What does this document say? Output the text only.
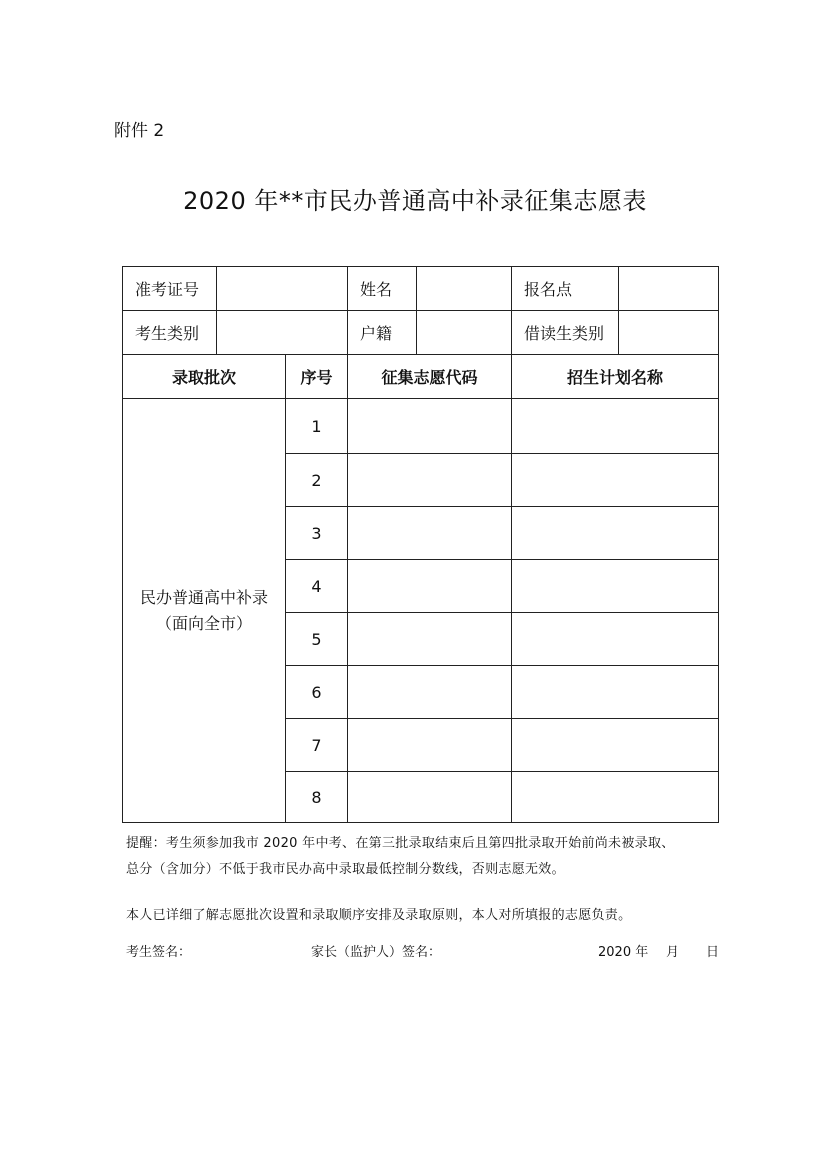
附件 2
2020 年**市民办普通高中补录征集志愿表
准考证号			姓名		报名点	
考生类别			户籍		借读生类别	
录取批次		序号	征集志愿代码		招生计划名称	

民办普通高中补录
（面向全市）		1				
		2				
		3				
		4				
		5				
		6				
		7				
		8				
提醒：考生须参加我市 2020 年中考、在第三批录取结束后且第四批录取开始前尚未被录取、
总分（含加分）不低于我市民办高中录取最低控制分数线，否则志愿无效。
本人已详细了解志愿批次设置和录取顺序安排及录取原则，本人对所填报的志愿负责。
考生签名：	家长（监护人）签名：	2020 年 月 日
